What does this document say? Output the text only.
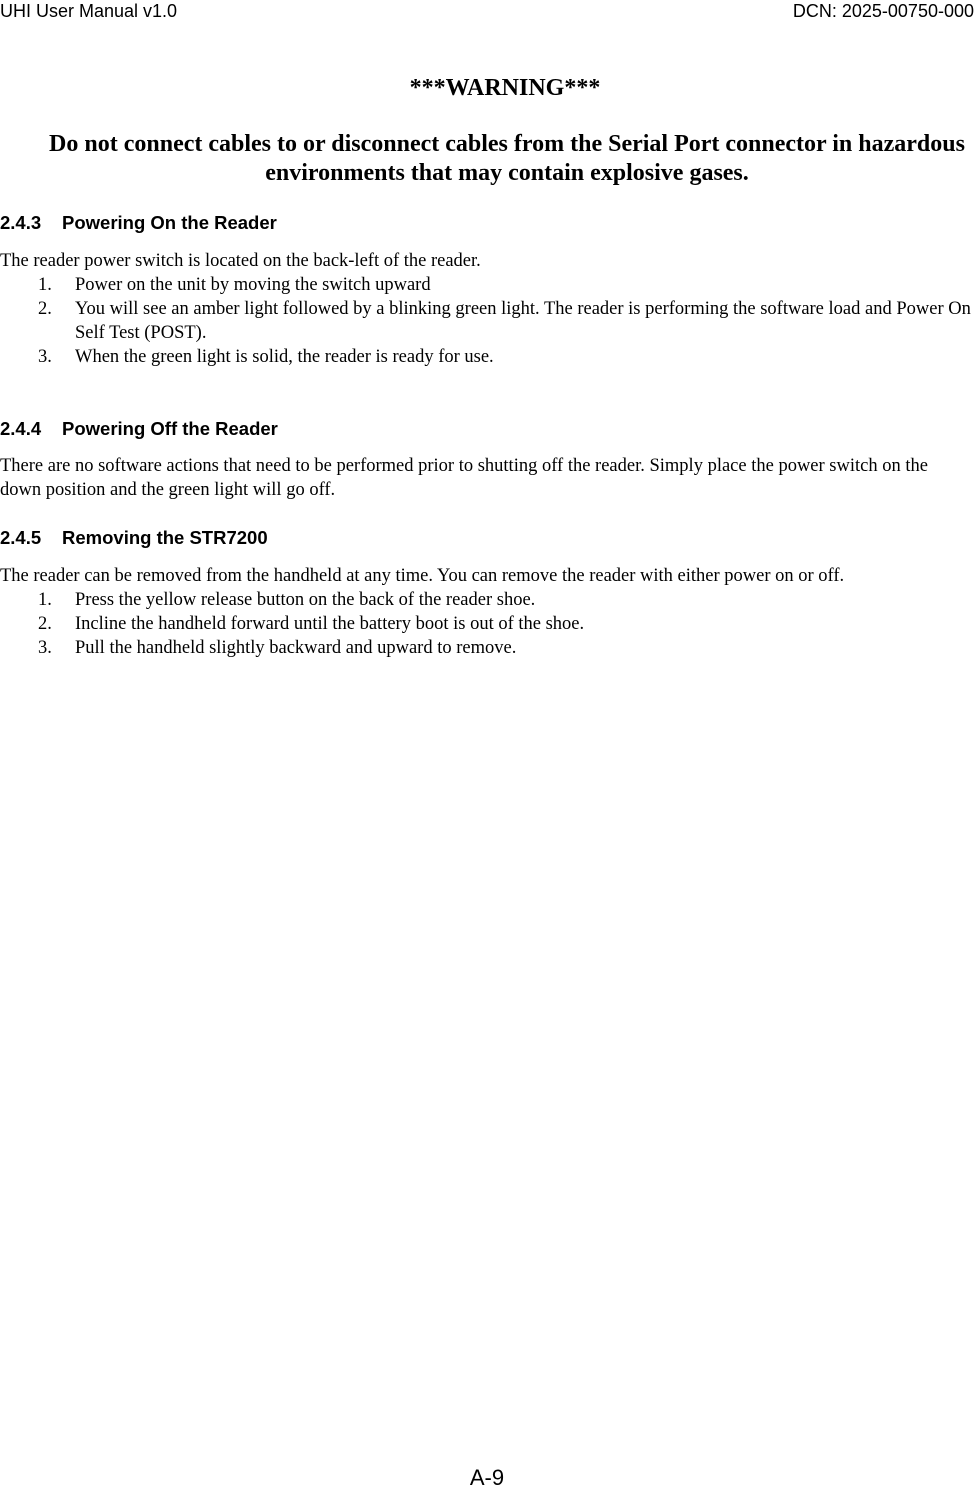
UHI User Manual v1.0	DCN: 2025-00750-000
***WARNING***
Do not connect cables to or disconnect cables from the Serial Port connector in hazardous environments that may contain explosive gases.
2.4.3 Powering On the Reader

The reader power switch is located on the back-left of the reader.

1. Power on the unit by moving the switch upward
2. You will see an amber light followed by a blinking green light. The reader is performing the software load and Power On Self Test (POST).
3. When the green light is solid, the reader is ready for use.
2.4.4 Powering Off the Reader

There are no software actions that need to be performed prior to shutting off the reader. Simply place the power switch on the down position and the green light will go off.

2.4.5 Removing the STR7200

The reader can be removed from the handheld at any time. You can remove the reader with either power on or off.

1. Press the yellow release button on the back of the reader shoe.
2. Incline the handheld forward until the battery boot is out of the shoe.
3. Pull the handheld slightly backward and upward to remove.
A-9
